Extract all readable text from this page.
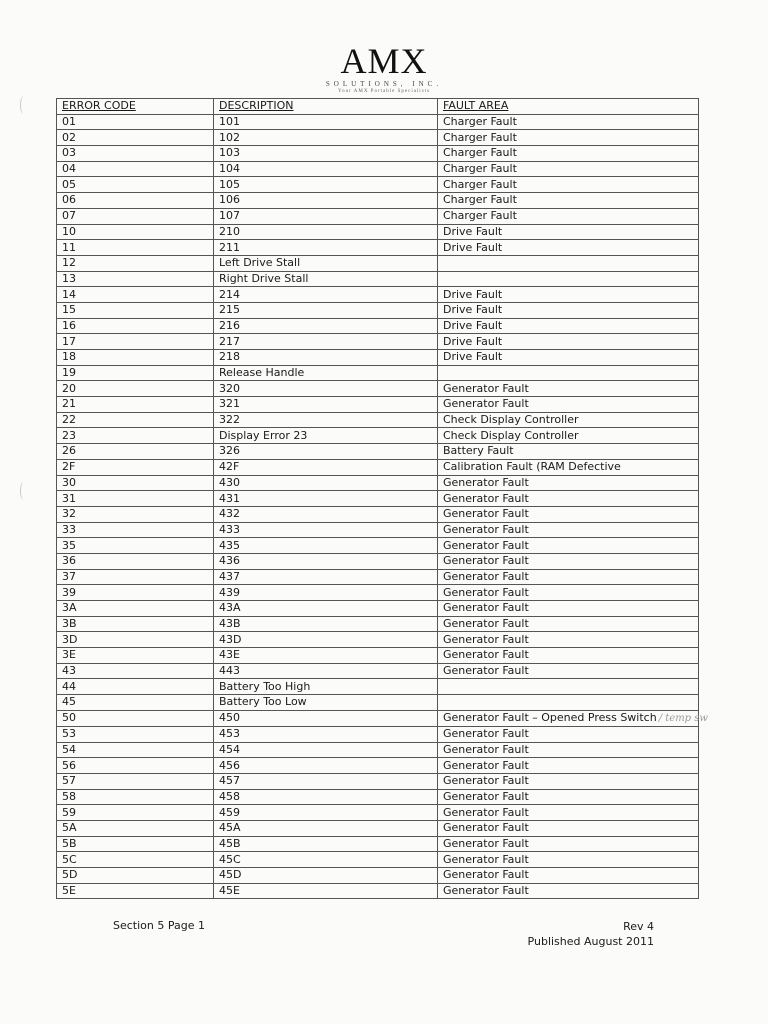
AMX
SOLUTIONS, INC.
Your AMX Portable Specialists
ERROR CODE	DESCRIPTION	FAULT AREA
01	101	Charger Fault
02	102	Charger Fault
03	103	Charger Fault
04	104	Charger Fault
05	105	Charger Fault
06	106	Charger Fault
07	107	Charger Fault
10	210	Drive Fault
11	211	Drive Fault
12	Left Drive Stall	
13	Right Drive Stall	
14	214	Drive Fault
15	215	Drive Fault
16	216	Drive Fault
17	217	Drive Fault
18	218	Drive Fault
19	Release Handle	
20	320	Generator Fault
21	321	Generator Fault
22	322	Check Display Controller
23	Display Error 23	Check Display Controller
26	326	Battery Fault
2F	42F	Calibration Fault (RAM Defective
30	430	Generator Fault
31	431	Generator Fault
32	432	Generator Fault
33	433	Generator Fault
35	435	Generator Fault
36	436	Generator Fault
37	437	Generator Fault
39	439	Generator Fault
3A	43A	Generator Fault
3B	43B	Generator Fault
3D	43D	Generator Fault
3E	43E	Generator Fault
43	443	Generator Fault
44	Battery Too High	
45	Battery Too Low	
50	450	Generator Fault – Opened Press Switch / temp sw
53	453	Generator Fault
54	454	Generator Fault
56	456	Generator Fault
57	457	Generator Fault
58	458	Generator Fault
59	459	Generator Fault
5A	45A	Generator Fault
5B	45B	Generator Fault
5C	45C	Generator Fault
5D	45D	Generator Fault
5E	45E	Generator Fault
Section 5 Page 1	Rev 4
Published August 2011
